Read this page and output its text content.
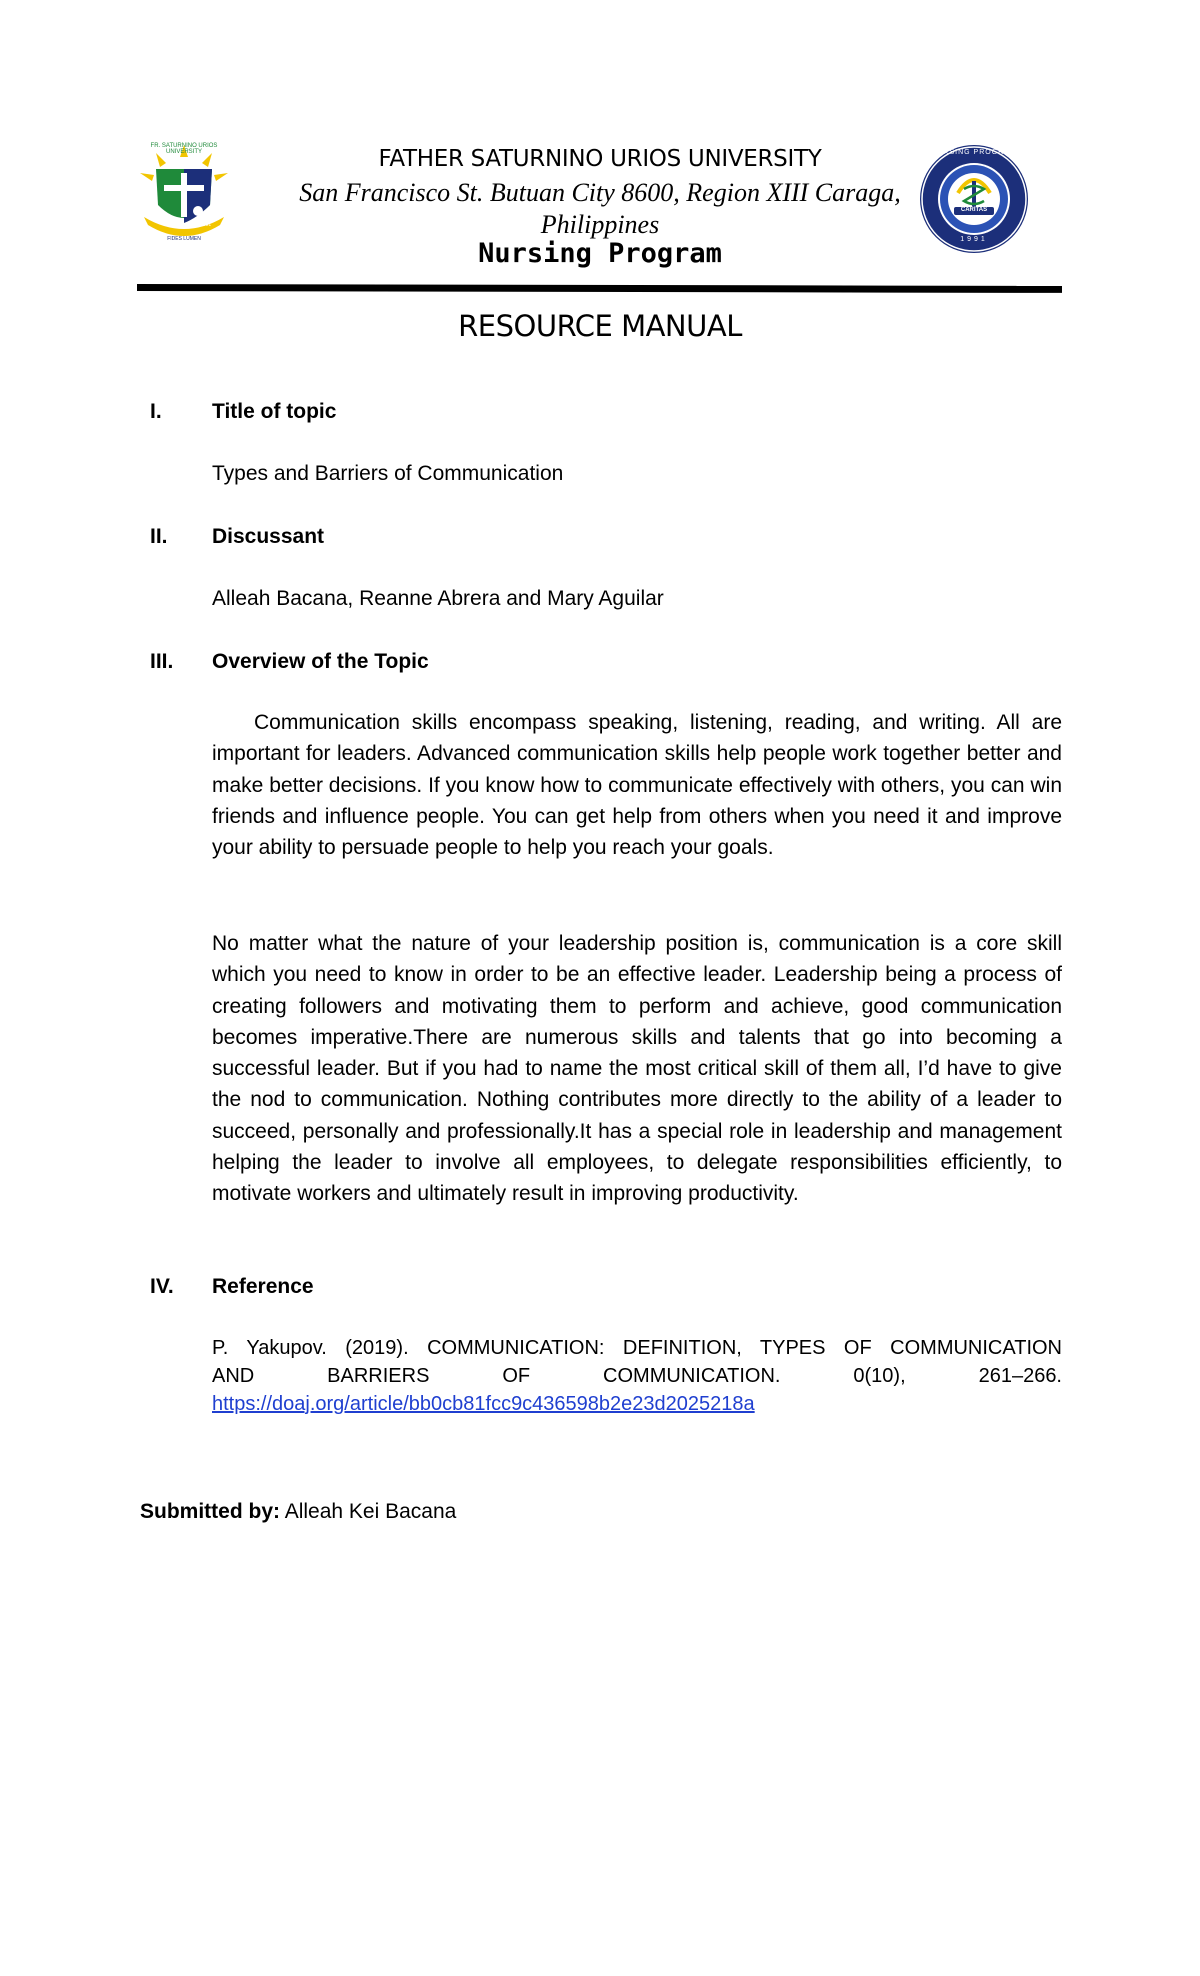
FR. SATURNINO URIOS UNIVERSITY
FIDES LUMEN
1901
FATHER SATURNINO URIOS UNIVERSITY
San Francisco St. Butuan City 8600, Region XIII Caraga, Philippines
Nursing Program
NURSING PROGRAM
CARITAS
1991
RESOURCE MANUAL
I. Title of topic
Types and Barriers of Communication
II. Discussant
Alleah Bacana, Reanne Abrera and Mary Aguilar
III. Overview of the Topic
Communication skills encompass speaking, listening, reading, and writing. All are important for leaders. Advanced communication skills help people work together better and make better decisions. If you know how to communicate effectively with others, you can win friends and influence people. You can get help from others when you need it and improve your ability to persuade people to help you reach your goals.
No matter what the nature of your leadership position is, communication is a core skill which you need to know in order to be an effective leader. Leadership being a process of creating followers and motivating them to perform and achieve, good communication becomes imperative.There are numerous skills and talents that go into becoming a successful leader. But if you had to name the most critical skill of them all, I’d have to give the nod to communication. Nothing contributes more directly to the ability of a leader to succeed, personally and professionally.It has a special role in leadership and management helping the leader to involve all employees, to delegate responsibilities efficiently, to motivate workers and ultimately result in improving productivity.
IV. Reference
P. Yakupov. (2019). COMMUNICATION: DEFINITION, TYPES OF COMMUNICATION
AND BARRIERS OF COMMUNICATION. 0(10), 261–266.
https://doaj.org/article/bb0cb81fcc9c436598b2e23d2025218a
Submitted by: Alleah Kei Bacana
